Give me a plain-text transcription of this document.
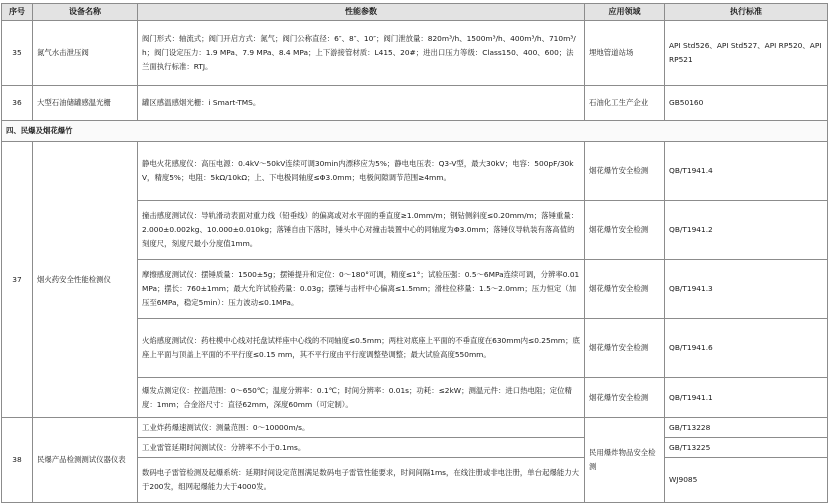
序号	设备名称	性能参数	应用领域	执行标准
35	氮气水击泄压阀	阀门形式：轴流式；阀门开启方式：氮气；阀门公称直径：6″、8″、10″；阀门泄放量：820m³/h、1500m³/h、400m³/h、710m³/h；阀门设定压力：1.9 MPa、7.9 MPa、8.4 MPa；上下游接管材质：L415、20#；进出口压力等级：Class150、400、600；法兰面执行标准：RTJ。	埋地管道站场	API Std526、API Std527、API RP520、API RP521
36	大型石油储罐感温光栅	罐区感温感烟光栅：i Smart-TMS。	石油化工生产企业	GB50160
四、民爆及烟花爆竹				
37	烟火药安全性能检测仪	静电火花感度仪：高压电源：0.4kV～50kV连续可调30min内漂移应为5%；静电电压表：Q3-V型，最大30kV；电容：500pF/30kV，精度5%；电阻：5kΩ/10kΩ；上、下电极同轴度≤Φ3.0mm；电极间隙调节范围≥4mm。	烟花爆竹安全检测	QB/T1941.4
		撞击感度测试仪：导轨滑动表面对重力线（铅垂线）的偏离或对水平面的垂直度≥1.0mm/m；钢钻侧斜度≤0.20mm/m；落锤重量：2.000±0.002kg、10.000±0.010kg；落锤自由下落时，锤头中心对撞击装置中心的同轴度为Φ3.0mm；落锤仪导轨装有落高值的刻度尺，刻度尺最小分度值1mm。	烟花爆竹安全检测	QB/T1941.2
		摩擦感度测试仪：摆锤质量：1500±5g；摆锤提升和定位：0～180°可调，精度≤1°；试验压强：0.5～6MPa连续可调，分辨率0.01MPa；摆长：760±1mm；最大允许试验药量：0.03g；摆锤与击杆中心偏离≤1.5mm；滑柱位移量：1.5～2.0mm；压力恒定（加压至6MPa，稳定5min）：压力波动≤0.1MPa。	烟花爆竹安全检测	QB/T1941.3
		火焰感度测试仪：药柱模中心线对托盘试样座中心线的不同轴度≤0.5mm；两柱对底座上平面的不垂直度在630mm内≤0.25mm；底座上平面与顶盖上平面的不平行度≤0.15 mm，其不平行度由平行度调整垫调整；最大试验高度550mm。	烟花爆竹安全检测	QB/T1941.6
		爆发点测定仪：控温范围：0～650℃；温度分辨率：0.1℃；时间分辨率：0.01s；功耗：≤2kW；测温元件：进口热电阻；定位精度：1mm；合金浴尺寸：直径62mm，深度60mm（可定制）。	烟花爆竹安全检测	QB/T1941.1
38	民爆产品检测测试仪器仪表	工业炸药爆速测试仪：测量范围：0～10000m/s。	民用爆炸物品安全检测	GB/T13228
		工业雷管延期时间测试仪：分辨率不小于0.1ms。		GB/T13225
		数码电子雷管检测及起爆系统：延期时间设定范围满足数码电子雷管性能要求，时间间隔1ms，在线注册或非电注册，单台起爆能力大于200发，组网起爆能力大于4000发。		WJ9085
